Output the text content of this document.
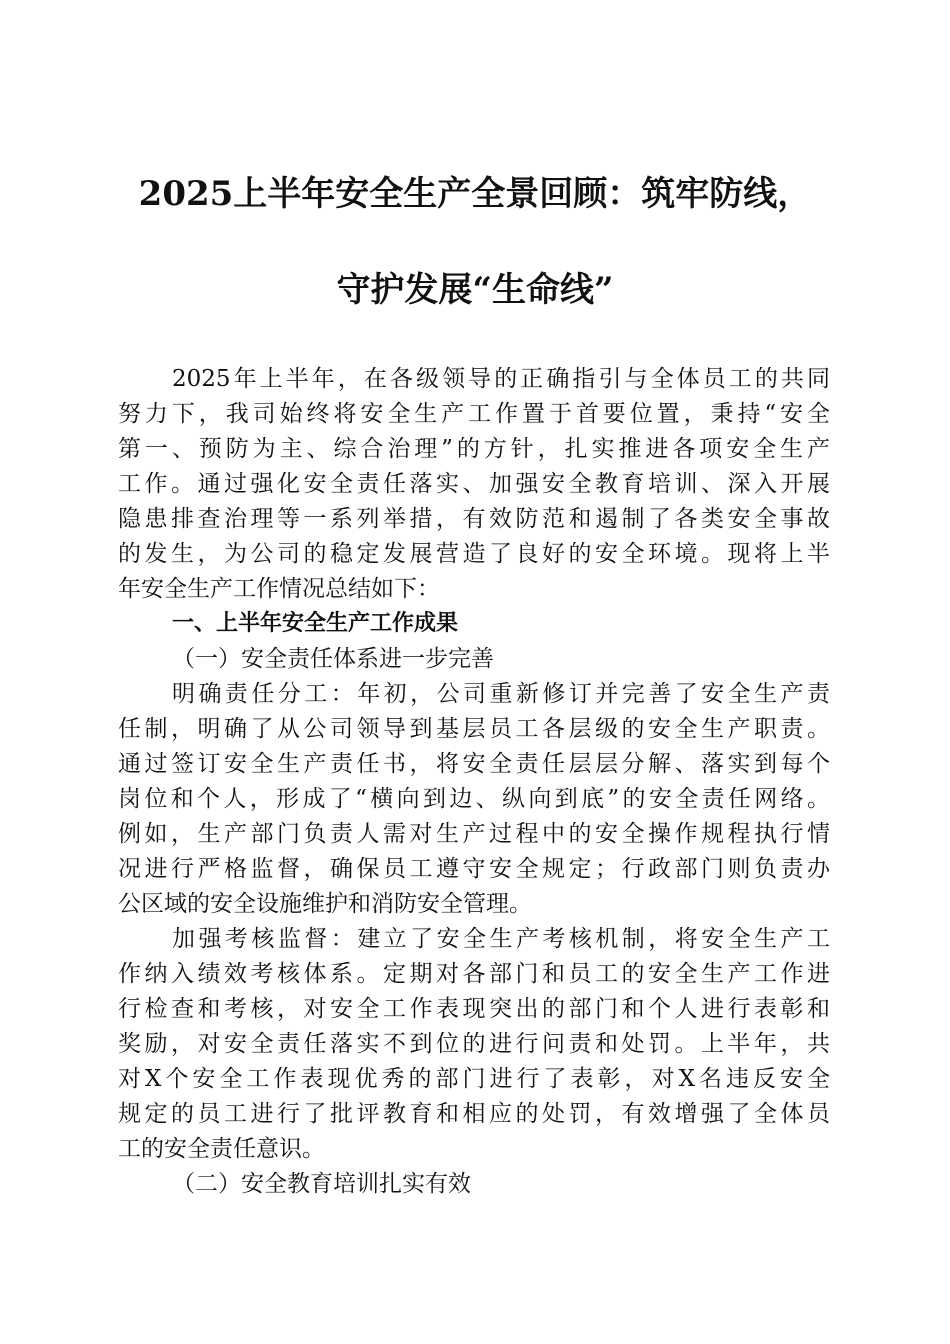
2025上半年安全生产全景回顾：筑牢防线，
守护发展“生命线”
2025年上半年，在各级领导的正确指引与全体员工的共同
努力下，我司始终将安全生产工作置于首要位置，秉持“安全
第一、预防为主、综合治理”的方针，扎实推进各项安全生产
工作。通过强化安全责任落实、加强安全教育培训、深入开展
隐患排查治理等一系列举措，有效防范和遏制了各类安全事故
的发生，为公司的稳定发展营造了良好的安全环境。现将上半
年安全生产工作情况总结如下：
一、上半年安全生产工作成果
（一）安全责任体系进一步完善
明确责任分工：年初，公司重新修订并完善了安全生产责
任制，明确了从公司领导到基层员工各层级的安全生产职责。
通过签订安全生产责任书，将安全责任层层分解、落实到每个
岗位和个人，形成了“横向到边、纵向到底”的安全责任网络。
例如，生产部门负责人需对生产过程中的安全操作规程执行情
况进行严格监督，确保员工遵守安全规定；行政部门则负责办
公区域的安全设施维护和消防安全管理。
加强考核监督：建立了安全生产考核机制，将安全生产工
作纳入绩效考核体系。定期对各部门和员工的安全生产工作进
行检查和考核，对安全工作表现突出的部门和个人进行表彰和
奖励，对安全责任落实不到位的进行问责和处罚。上半年，共
对X个安全工作表现优秀的部门进行了表彰，对X名违反安全
规定的员工进行了批评教育和相应的处罚，有效增强了全体员
工的安全责任意识。
（二）安全教育培训扎实有效
